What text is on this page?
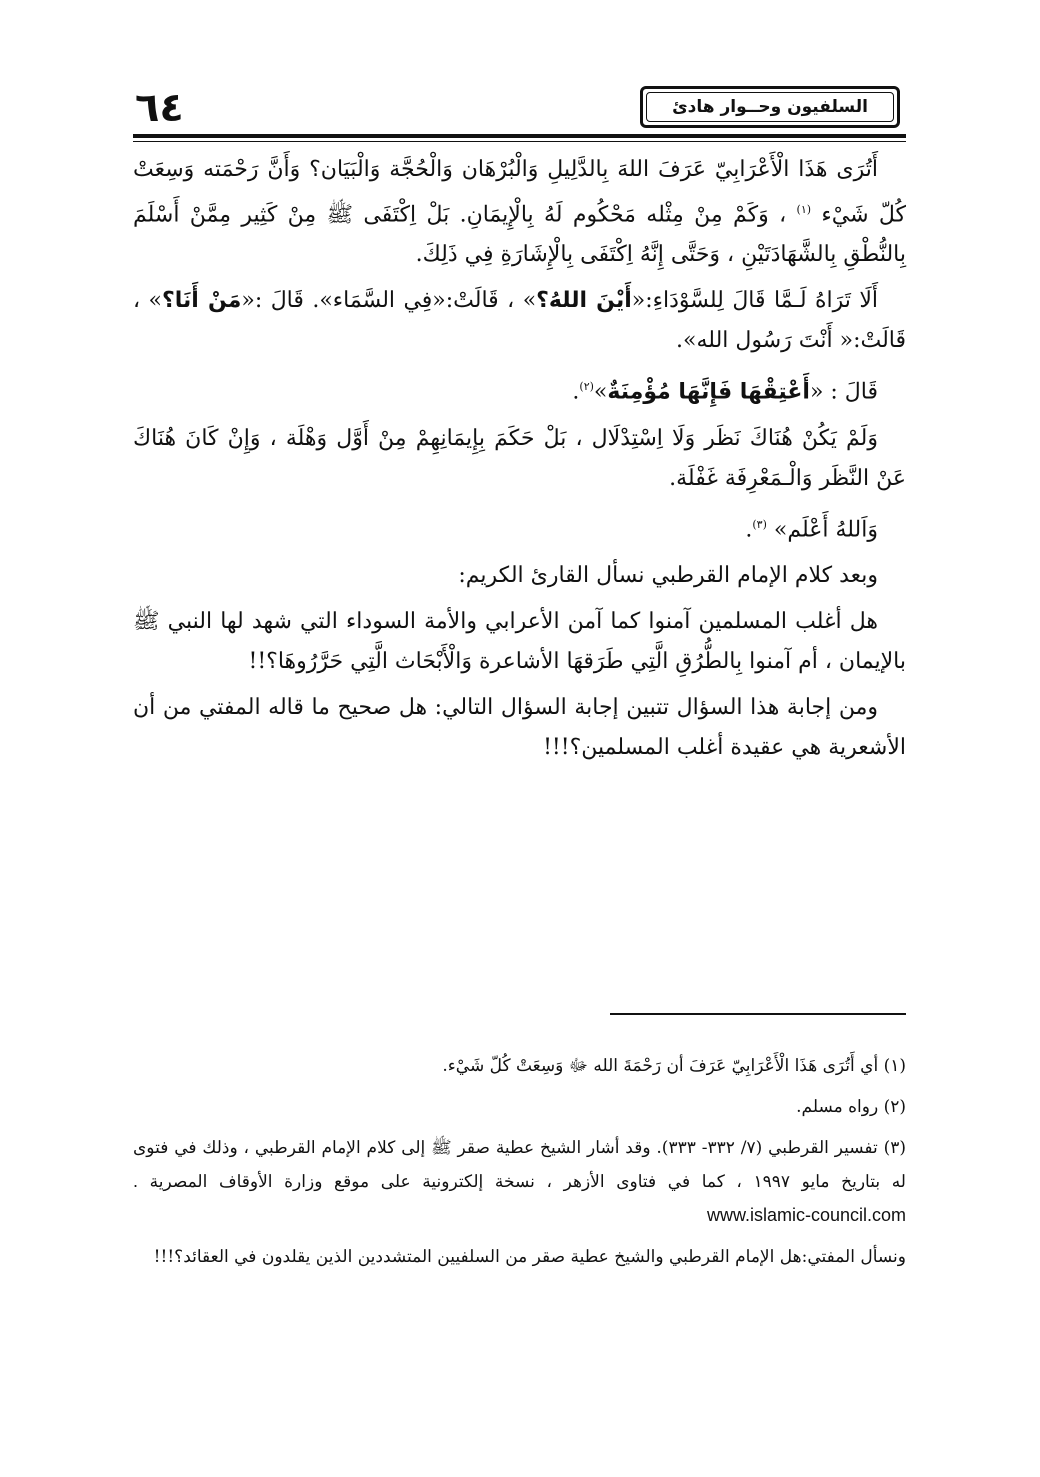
٦٤	السلفيون وحــوار هادئ

أَتُرَى هَذَا الْأَعْرَابِيّ عَرَفَ اللهَ بِالدَّلِيلِ وَالْبُرْهَان وَالْحُجَّة وَالْبَيَان؟ وَأَنَّ رَحْمَته وَسِعَتْ كُلّ شَيْء $^{(١)}$ ، وَكَمْ مِنْ مِثْله مَحْكُوم لَهُ بِالْإِيمَانِ. بَلْ اِكْتَفَى ﷺ مِنْ كَثِير مِمَّنْ أَسْلَمَ بِالنُّطْقِ بِالشَّهَادَتَيْنِ ، وَحَتَّى إِنَّهُ اِكْتَفَى بِالْإِشَارَةِ فِي ذَلِكَ.

أَلَا تَرَاهُ لَـمَّا قَالَ لِلسَّوْدَاءِ:«أَيْنَ اللهُ؟» ، قَالَتْ:«فِي السَّمَاء». قَالَ :«مَنْ أَنَا؟» ، قَالَتْ:« أَنْتَ رَسُول الله».

قَالَ : «أَعْتِقْهَا فَإِنَّهَا مُؤْمِنَةٌ»$^{(٢)}$.

وَلَمْ يَكُنْ هُنَاكَ نَظَر وَلَا اِسْتِدْلَال ، بَلْ حَكَمَ بِإِيمَانِهِمْ مِنْ أَوَّل وَهْلَة ، وَإِنْ كَانَ هُنَاكَ عَنْ النَّظَر وَالْـمَعْرِفَة غَفْلَة.

وَاَللهُ أَعْلَم» $^{(٣)}$.

وبعد كلام الإمام القرطبي نسأل القارئ الكريم:

هل أغلب المسلمين آمنوا كما آمن الأعرابي والأمة السوداء التي شهد لها النبي ﷺ بالإيمان ، أم آمنوا بِالطُّرُقِ الَّتِي طَرَقهَا الأشاعرة وَالْأَبْحَاث الَّتِي حَرَّرُوهَا؟!!

ومن إجابة هذا السؤال تتبين إجابة السؤال التالي: هل صحيح ما قاله المفتي من أن الأشعرية هي عقيدة أغلب المسلمين؟!!!

(١) أي أَتُرَى هَذَا الْأَعْرَابِيّ عَرَفَ أن رَحْمَةَ الله ﷻ وَسِعَتْ كُلّ شَيْء.

(٢) رواه مسلم.

(٣) تفسير القرطبي (٧/ ٣٣٢- ٣٣٣). وقد أشار الشيخ عطية صقر ﷺ إلى كلام الإمام القرطبي ، وذلك في فتوى له بتاريخ مايو ١٩٩٧ ، كما في فتاوى الأزهر ، نسخة إلكترونية على موقع وزارة الأوقاف المصرية . www.islamic-council.com

ونسأل المفتي:هل الإمام القرطبي والشيخ عطية صقر من السلفيين المتشددين الذين يقلدون في العقائد؟!!!
